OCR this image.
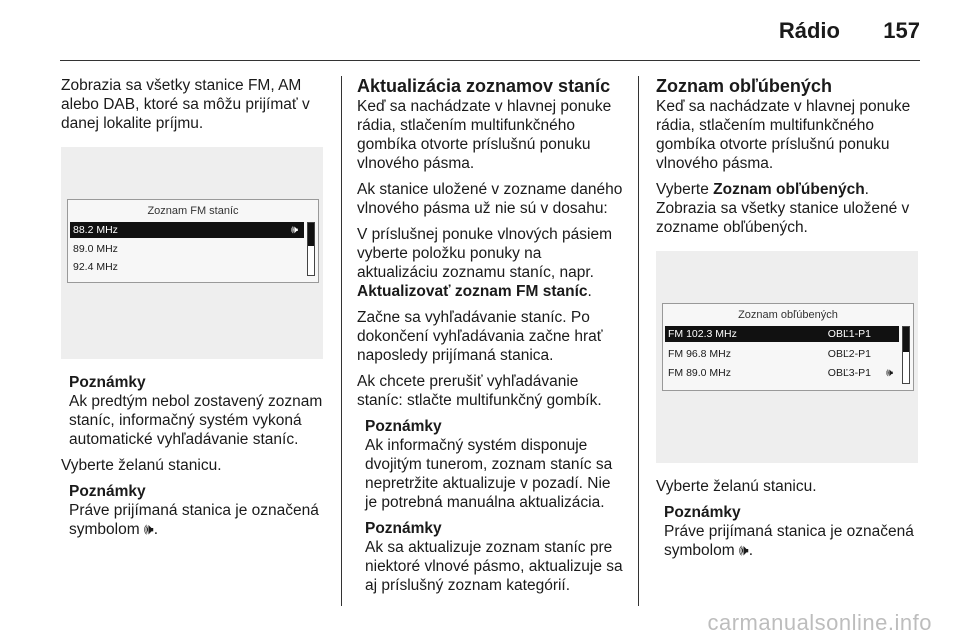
Rádio 157

Zobrazia sa všetky stanice FM, AM alebo DAB, ktoré sa môžu prijímať v danej lokalite príjmu.

Zoznam FM staníc
88.2 MHz	🕪
89.0 MHz
92.4 MHz
Poznámky
Ak predtým nebol zostavený zoznam staníc, informačný systém vykoná automatické vyhľadávanie staníc.

Vyberte želanú stanicu.

Poznámky
Práve prijímaná stanica je označená symbolom 🕪.
Aktualizácia zoznamov staníc

Keď sa nachádzate v hlavnej ponuke rádia, stlačením multifunkčného gombíka otvorte príslušnú ponuku vlnového pásma.

Ak stanice uložené v zozname daného vlnového pásma už nie sú v dosahu:

V príslušnej ponuke vlnových pásiem vyberte položku ponuky na aktualizáciu zoznamu staníc, napr.
Aktualizovať zoznam FM staníc.

Začne sa vyhľadávanie staníc. Po dokončení vyhľadávania začne hrať naposledy prijímaná stanica.

Ak chcete prerušiť vyhľadávanie staníc: stlačte multifunkčný gombík.

Poznámky
Ak informačný systém disponuje dvojitým tunerom, zoznam staníc sa nepretržite aktualizuje v pozadí. Nie je potrebná manuálna aktualizácia.
Poznámky
Ak sa aktualizuje zoznam staníc pre niektoré vlnové pásmo, aktualizuje sa aj príslušný zoznam kategórií.
Zoznam obľúbených

Keď sa nachádzate v hlavnej ponuke rádia, stlačením multifunkčného gombíka otvorte príslušnú ponuku vlnového pásma.

Vyberte Zoznam obľúbených.

Zobrazia sa všetky stanice uložené v zozname obľúbených.

Zoznam obľúbených
FM 102.3 MHz	OBĽ1-P1
FM 96.8 MHz	OBĽ2-P1
FM 89.0 MHz	OBĽ3-P1 🕪

Vyberte želanú stanicu.

Poznámky
Práve prijímaná stanica je označená symbolom 🕪.
carmanualsonline.info
